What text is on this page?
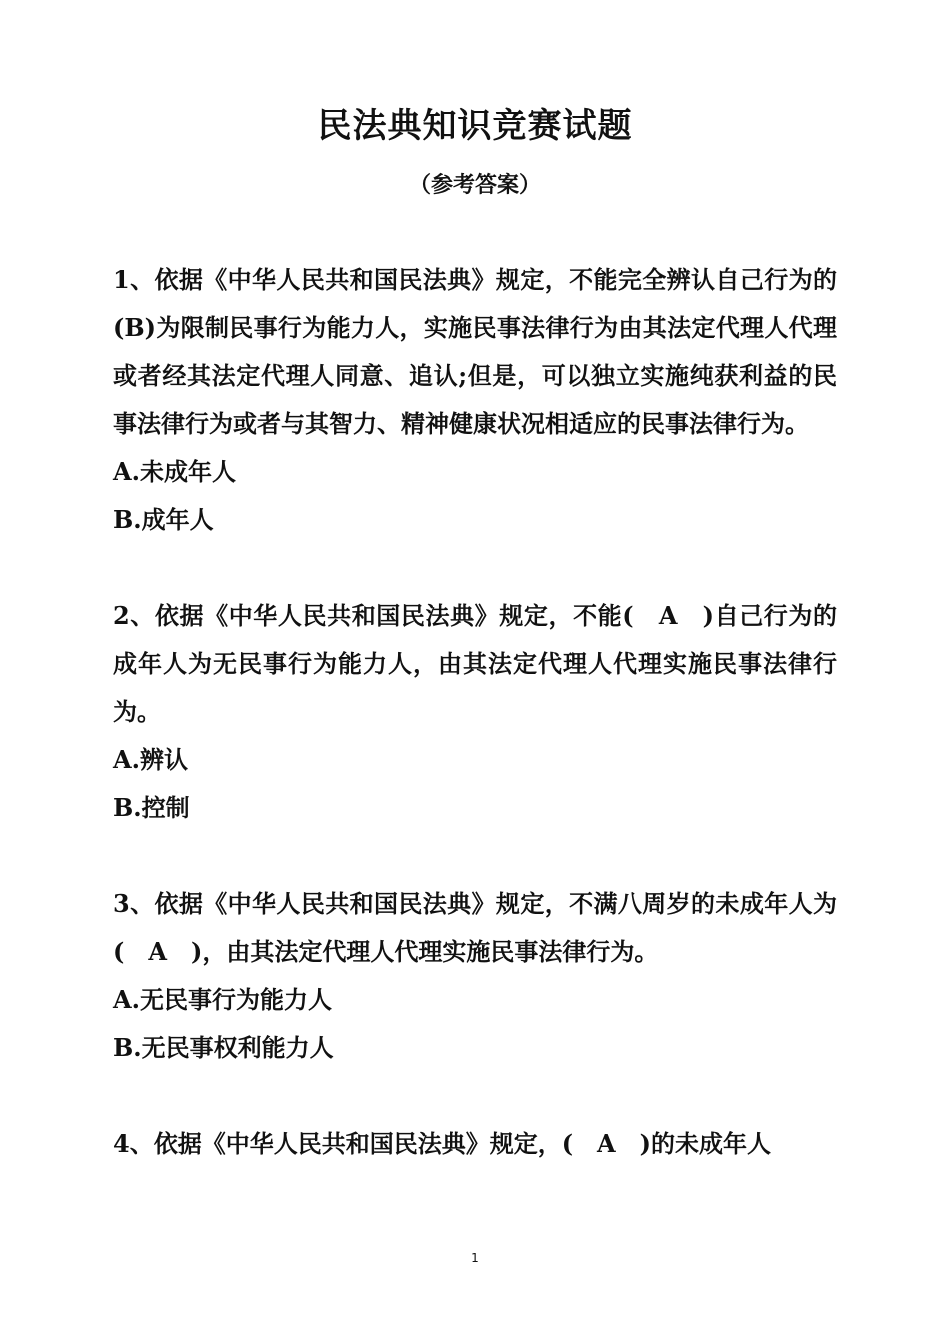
民法典知识竞赛试题
（参考答案）

1、依据《中华人民共和国民法典》规定，不能完全辨认自己行为的(B)为限制民事行为能力人，实施民事法律行为由其法定代理人代理或者经其法定代理人同意、追认;但是，可以独立实施纯获利益的民事法律行为或者与其智力、精神健康状况相适应的民事法律行为。

A.未成年人

B.成年人

2、依据《中华人民共和国民法典》规定，不能(　A　)自己行为的成年人为无民事行为能力人，由其法定代理人代理实施民事法律行为。

A.辨认

B.控制

3、依据《中华人民共和国民法典》规定，不满八周岁的未成年人为(　A　)，由其法定代理人代理实施民事法律行为。

A.无民事行为能力人

B.无民事权利能力人

4、依据《中华人民共和国民法典》规定，(　A　)的未成年人

1
